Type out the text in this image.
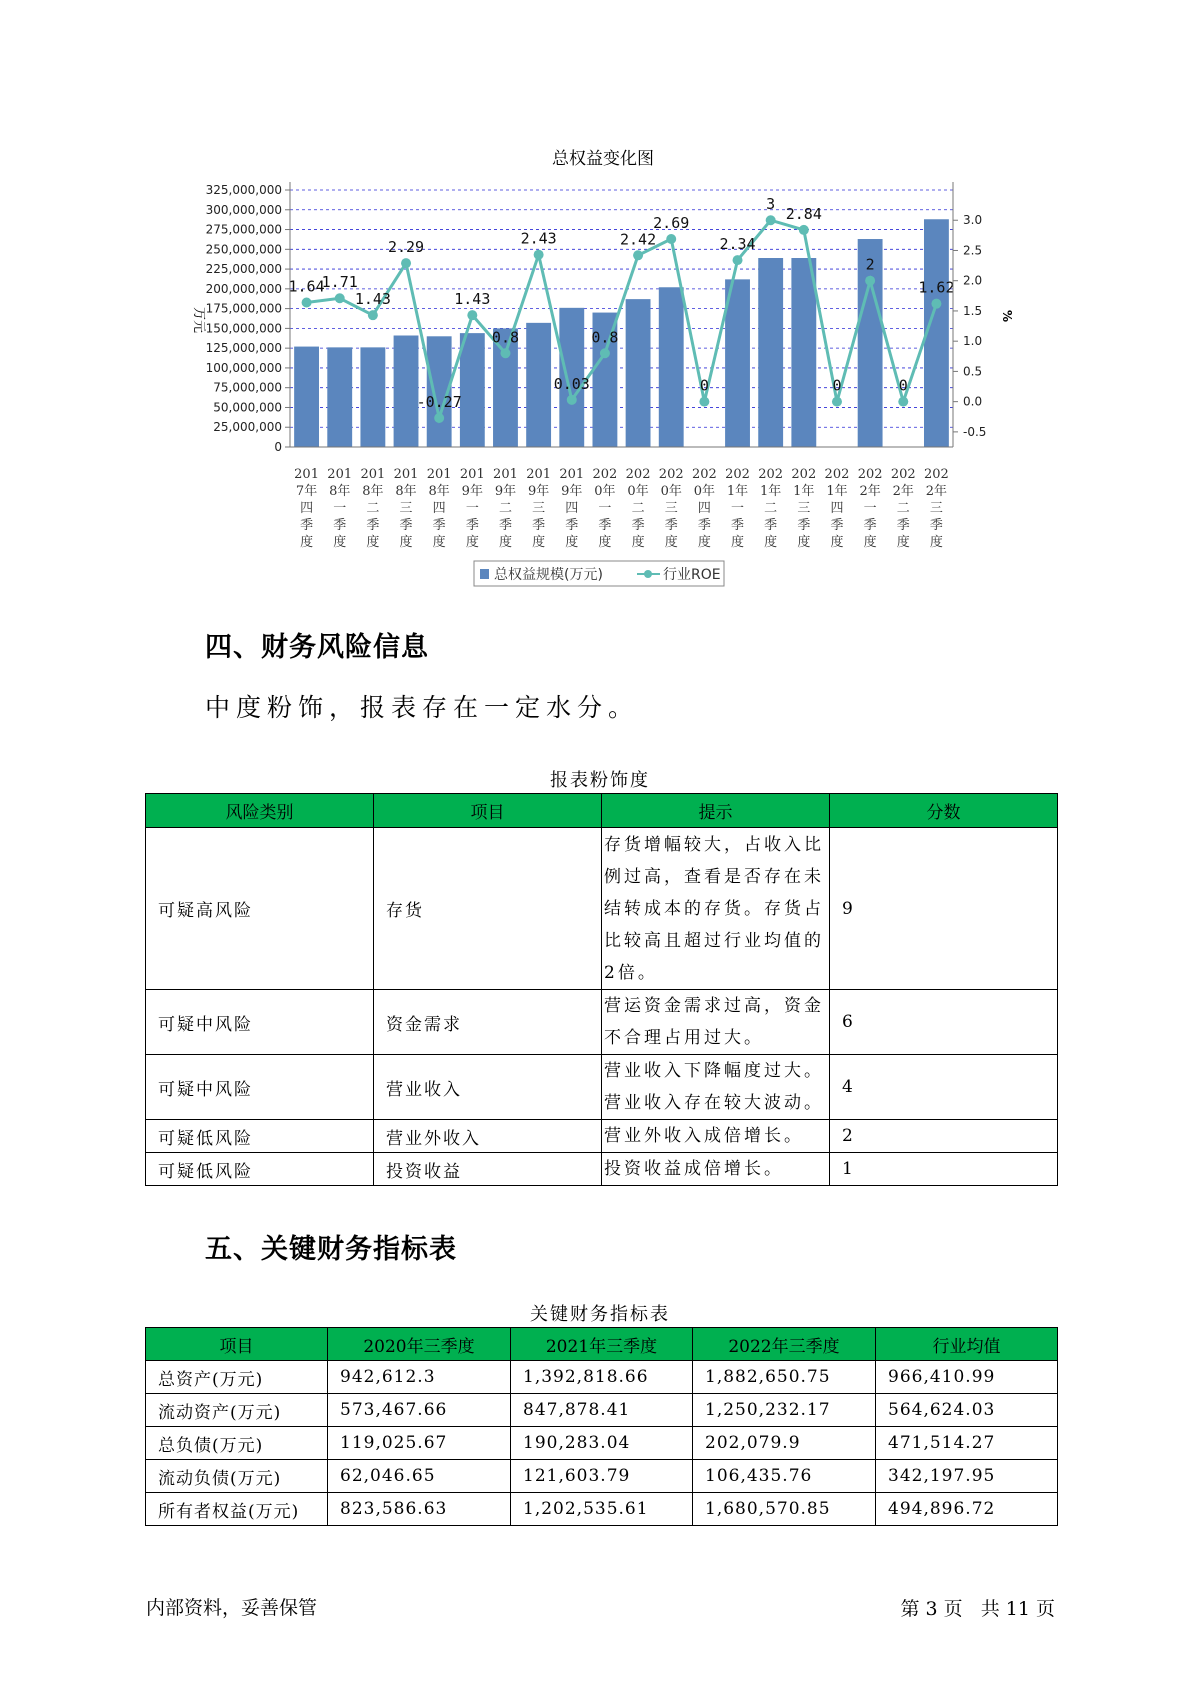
总权益变化图
1.64
1.71
1.43
2.29
-0.27
1.43
0.8
2.43
0.03
0.8
2.42
2.69
0
2.34
3
2.84
0
2
0
1.62
325,000,000
300,000,000
275,000,000
250,000,000
225,000,000
200,000,000
175,000,000
150,000,000
125,000,000
100,000,000
75,000,000
50,000,000
25,000,000
0
3.0
2.5
2.0
1.5
1.0
0.5
0.0
-0.5
201
7年
四
季
度
201
8年
一
季
度
201
8年
二
季
度
201
8年
三
季
度
201
8年
四
季
度
201
9年
一
季
度
201
9年
二
季
度
201
9年
三
季
度
201
9年
四
季
度
202
0年
一
季
度
202
0年
二
季
度
202
0年
三
季
度
202
0年
四
季
度
202
1年
一
季
度
202
1年
二
季
度
202
1年
三
季
度
202
1年
四
季
度
202
2年
一
季
度
202
2年
二
季
度
202
2年
三
季
度
万元	%
总权益规模(万元)	行业ROE
四、财务风险信息
中度粉饰，报表存在一定水分。
报表粉饰度
风险类别	项目	提示	分数
可疑高风险	存货	存货增幅较大，占收入比例过高，查看是否存在未结转成本的存货。存货占比较高且超过行业均值的2倍。	9
可疑中风险	资金需求	营运资金需求过高，资金不合理占用过大。	6
可疑中风险	营业收入	营业收入下降幅度过大。营业收入存在较大波动。	4
可疑低风险	营业外收入	营业外收入成倍增长。	2
可疑低风险	投资收益	投资收益成倍增长。	1
五、关键财务指标表
关键财务指标表
项目	2020年三季度	2021年三季度	2022年三季度	行业均值
总资产(万元)	942,612.3	1,392,818.66	1,882,650.75	966,410.99
流动资产(万元)	573,467.66	847,878.41	1,250,232.17	564,624.03
总负债(万元)	119,025.67	190,283.04	202,079.9	471,514.27
流动负债(万元)	62,046.65	121,603.79	106,435.76	342,197.95
所有者权益(万元)	823,586.63	1,202,535.61	1,680,570.85	494,896.72
内部资料，妥善保管	第 3 页   共 11 页
